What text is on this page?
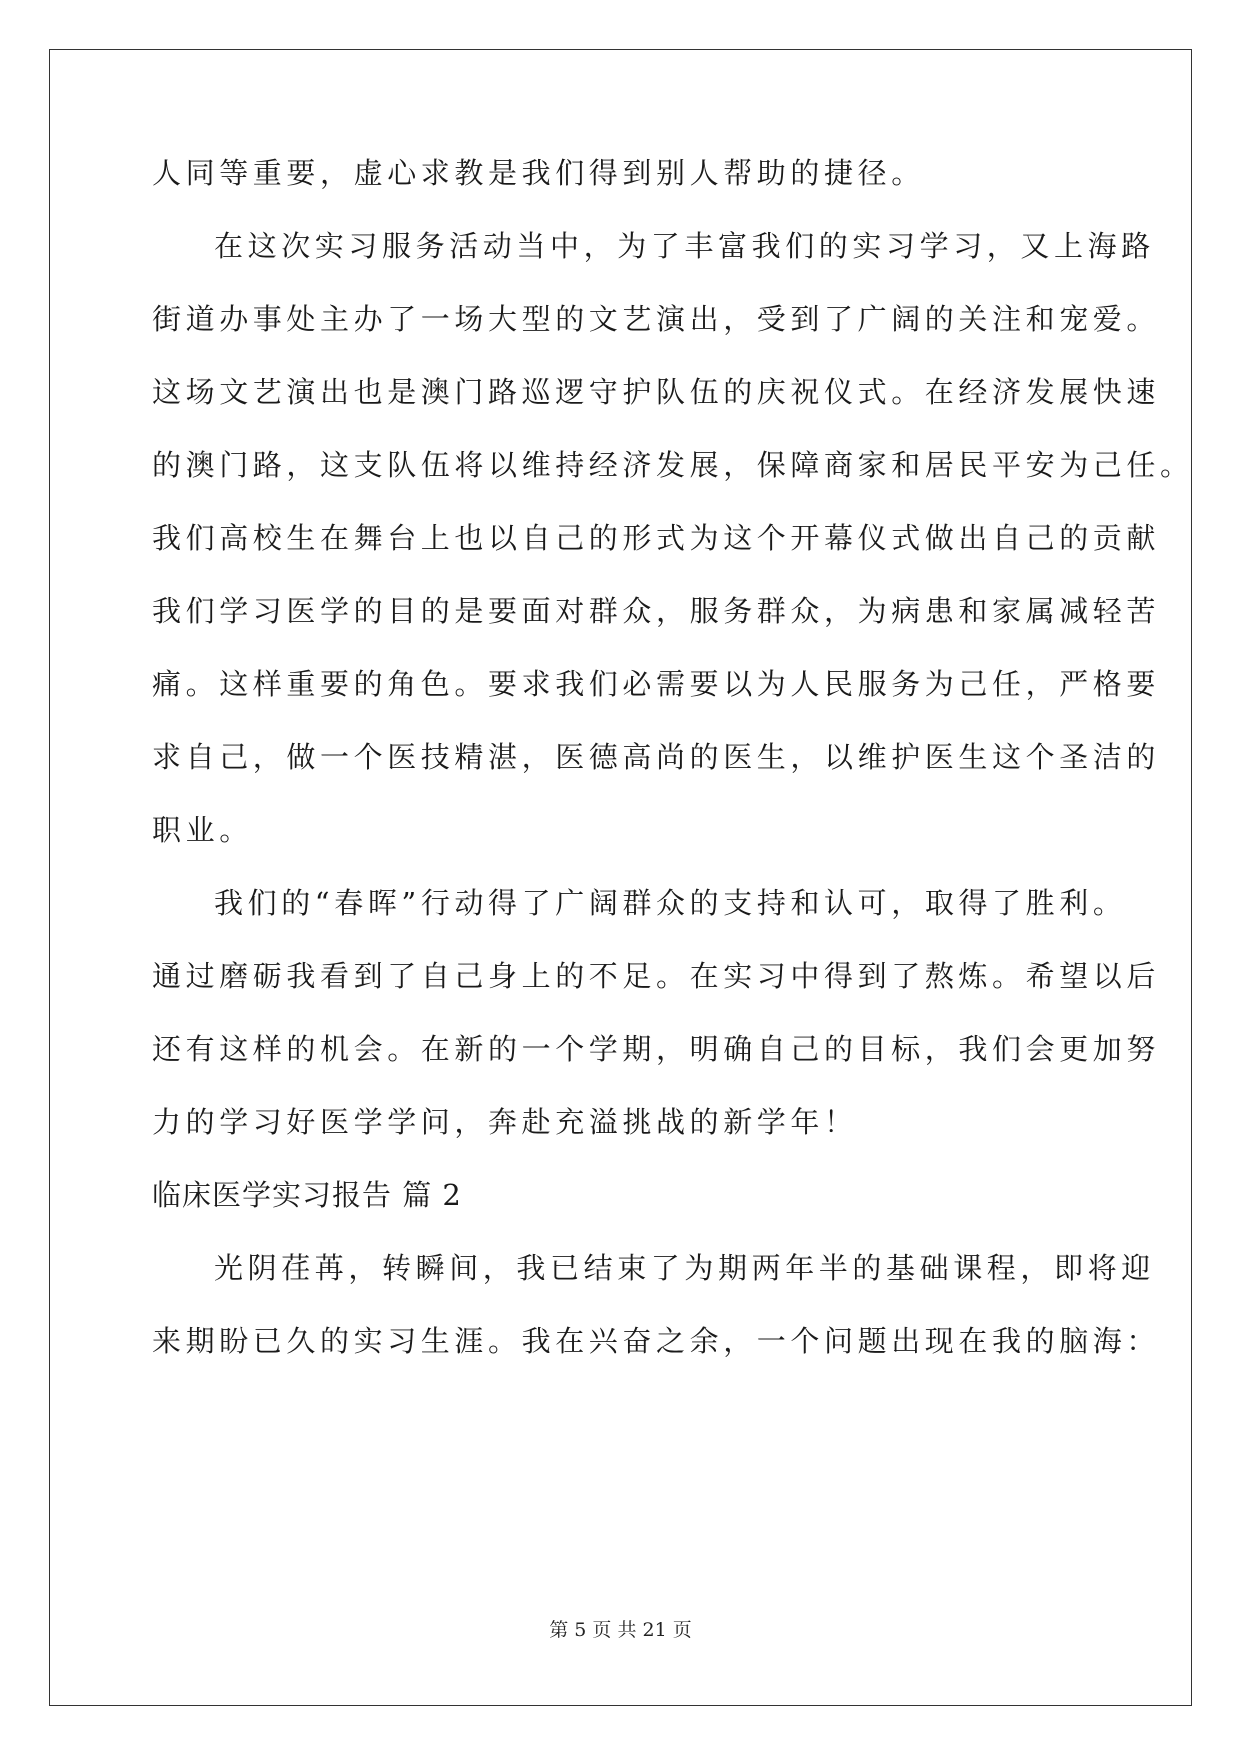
人同等重要，虚心求教是我们得到别人帮助的捷径。
在这次实习服务活动当中，为了丰富我们的实习学习，又上海路
街道办事处主办了一场大型的文艺演出，受到了广阔的关注和宠爱。
这场文艺演出也是澳门路巡逻守护队伍的庆祝仪式。在经济发展快速
的澳门路，这支队伍将以维持经济发展，保障商家和居民平安为己任。
我们高校生在舞台上也以自己的形式为这个开幕仪式做出自己的贡献
我们学习医学的目的是要面对群众，服务群众，为病患和家属减轻苦
痛。这样重要的角色。要求我们必需要以为人民服务为己任，严格要
求自己，做一个医技精湛，医德高尚的医生，以维护医生这个圣洁的
职业。
我们的“春晖”行动得了广阔群众的支持和认可，取得了胜利。
通过磨砺我看到了自己身上的不足。在实习中得到了熬炼。希望以后
还有这样的机会。在新的一个学期，明确自己的目标，我们会更加努
力的学习好医学学问，奔赴充溢挑战的新学年！
临床医学实习报告 篇 2
光阴荏苒，转瞬间，我已结束了为期两年半的基础课程，即将迎
来期盼已久的实习生涯。我在兴奋之余，一个问题出现在我的脑海：
第 5 页 共 21 页
